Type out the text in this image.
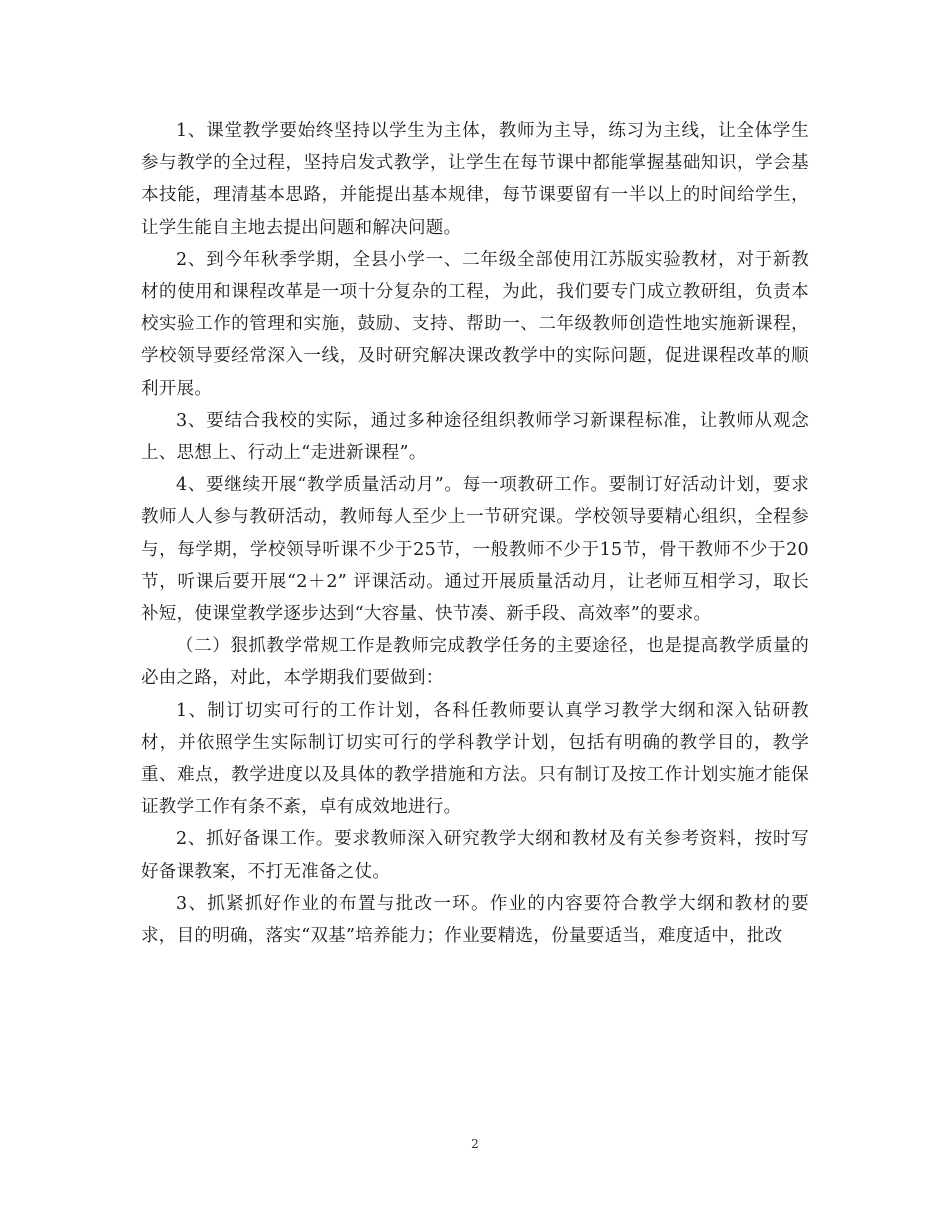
1、课堂教学要始终坚持以学生为主体，教师为主导，练习为主线，让全体学生参与教学的全过程，坚持启发式教学，让学生在每节课中都能掌握基础知识，学会基本技能，理清基本思路，并能提出基本规律，每节课要留有一半以上的时间给学生，让学生能自主地去提出问题和解决问题。

2、到今年秋季学期，全县小学一、二年级全部使用江苏版实验教材，对于新教材的使用和课程改革是一项十分复杂的工程，为此，我们要专门成立教研组，负责本校实验工作的管理和实施，鼓励、支持、帮助一、二年级教师创造性地实施新课程，学校领导要经常深入一线，及时研究解决课改教学中的实际问题，促进课程改革的顺利开展。

3、要结合我校的实际，通过多种途径组织教师学习新课程标准，让教师从观念上、思想上、行动上“走进新课程”。

4、要继续开展“教学质量活动月”。每一项教研工作。要制订好活动计划，要求教师人人参与教研活动，教师每人至少上一节研究课。学校领导要精心组织，全程参与，每学期，学校领导听课不少于25节，一般教师不少于15节，骨干教师不少于20节，听课后要开展“2＋2” 评课活动。通过开展质量活动月，让老师互相学习，取长补短，使课堂教学逐步达到“大容量、快节凑、新手段、高效率”的要求。

（二）狠抓教学常规工作是教师完成教学任务的主要途径，也是提高教学质量的必由之路，对此，本学期我们要做到：

1、制订切实可行的工作计划，各科任教师要认真学习教学大纲和深入钻研教材，并依照学生实际制订切实可行的学科教学计划，包括有明确的教学目的，教学重、难点，教学进度以及具体的教学措施和方法。只有制订及按工作计划实施才能保证教学工作有条不紊，卓有成效地进行。

2、抓好备课工作。要求教师深入研究教学大纲和教材及有关参考资料，按时写好备课教案，不打无准备之仗。

3、抓紧抓好作业的布置与批改一环。作业的内容要符合教学大纲和教材的要求，目的明确，落实“双基”培养能力；作业要精选，份量要适当，难度适中，批改

2
